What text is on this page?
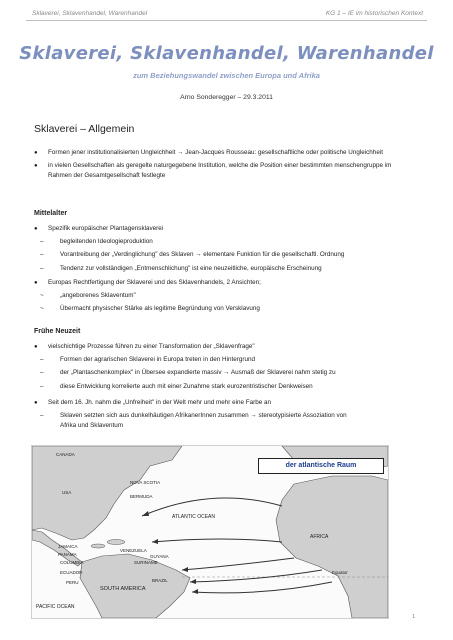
Sklaverei, Sklavenhandel, Warenhandel	KG 1 – IE im historischen Kontext
Sklaverei, Sklavenhandel, Warenhandel
zum Beziehungswandel zwischen Europa und Afrika
Arno Sonderegger – 29.3.2011
Sklaverei – Allgemein

● Formen jener institutionalisierten Ungleichheit → Jean-Jacques Rousseau: gesellschaftliche oder politische Ungleichheit

● in vielen Gesellschaften als geregelte naturgegebene Institution, welche die Position einer bestimmten menschengruppe im Rahmen der Gesamtgesellschaft festlegte

Mittelalter

● Spezifik europäischer Plantagensklaverei

–	begleitenden Ideologieproduktion

–	Vorantreibung der „Verdinglichung" des Sklaven → elementare Funktion für die gesellschaftl. Ordnung

–	Tendenz zur vollständigen „Entmenschlichung" ist eine neuzeitliche, europäische Erscheinung

● Europas Rechtfertigung der Sklaverei und des Sklavenhandels, 2 Ansichten;

~	„angeborenes Sklaventum"

~	Übermacht physischer Stärke als legitime Begründung von Versklavung

Frühe Neuzeit

● vielschichtige Prozesse führen zu einer Transformation der „Sklavenfrage"

–	Formen der agrarischen Sklaverei in Europa treten in den Hintergrund

–	der „Plantaschenkomplex" in Übersee expandierte massiv → Ausmaß der Sklaverei nahm stetig zu

–	diese Entwicklung korrelierte auch mit einer Zunahme stark eurozentristischer Denkweisen

● Seit dem 16. Jh. nahm die „Unfreiheit" in der Welt mehr und mehr eine Farbe an

–	Sklaven setzten sich aus dunkelhäutigen AfrikanerInnen zusammen → stereotypisierte Assoziation von
Afrika und Sklaventum

CANADA
NOVA SCOTIA
USA
BERMUDA
ATLANTIC OCEAN
JAMAICA
VENEZUELA
GUYANA
SURINAME
PANAMA
COLUMBIA
ECUADOR
PERU
SOUTH AMERICA
BRAZIL
PACIFIC OCEAN
AFRICA
Equator
der atlantische Raum
1
